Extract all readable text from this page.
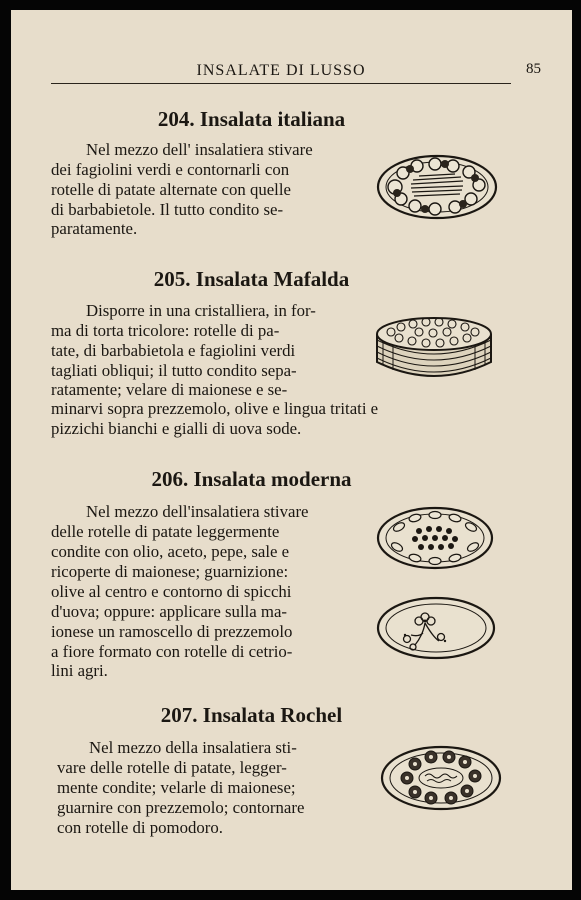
INSALATE DI LUSSO	85
204. Insalata italiana
Nel mezzo dell' insalatiera stivare
dei fagiolini verdi e contornarli con
rotelle di patate alternate con quelle
di barbabietole. Il tutto condito se-
paratamente.
205. Insalata Mafalda
Disporre in una cristalliera, in for-
ma di torta tricolore: rotelle di pa-
tate, di barbabietola e fagiolini verdi
tagliati obliqui; il tutto condito sepa-
ratamente; velare di maionese e se-
minarvi sopra prezzemolo, olive e lingua tritati e
pizzichi bianchi e gialli di uova sode.
206. Insalata moderna
Nel mezzo dell'insalatiera stivare
delle rotelle di patate leggermente
condite con olio, aceto, pepe, sale e
ricoperte di maionese; guarnizione:
olive al centro e contorno di spicchi
d'uova; oppure: applicare sulla ma-
ionese un ramoscello di prezzemolo
a fiore formato con rotelle di cetrio-
lini agri.
207. Insalata Rochel
Nel mezzo della insalatiera sti-
vare delle rotelle di patate, legger-
mente condite; velarle di maionese;
guarnire con prezzemolo; contornare
con rotelle di pomodoro.
